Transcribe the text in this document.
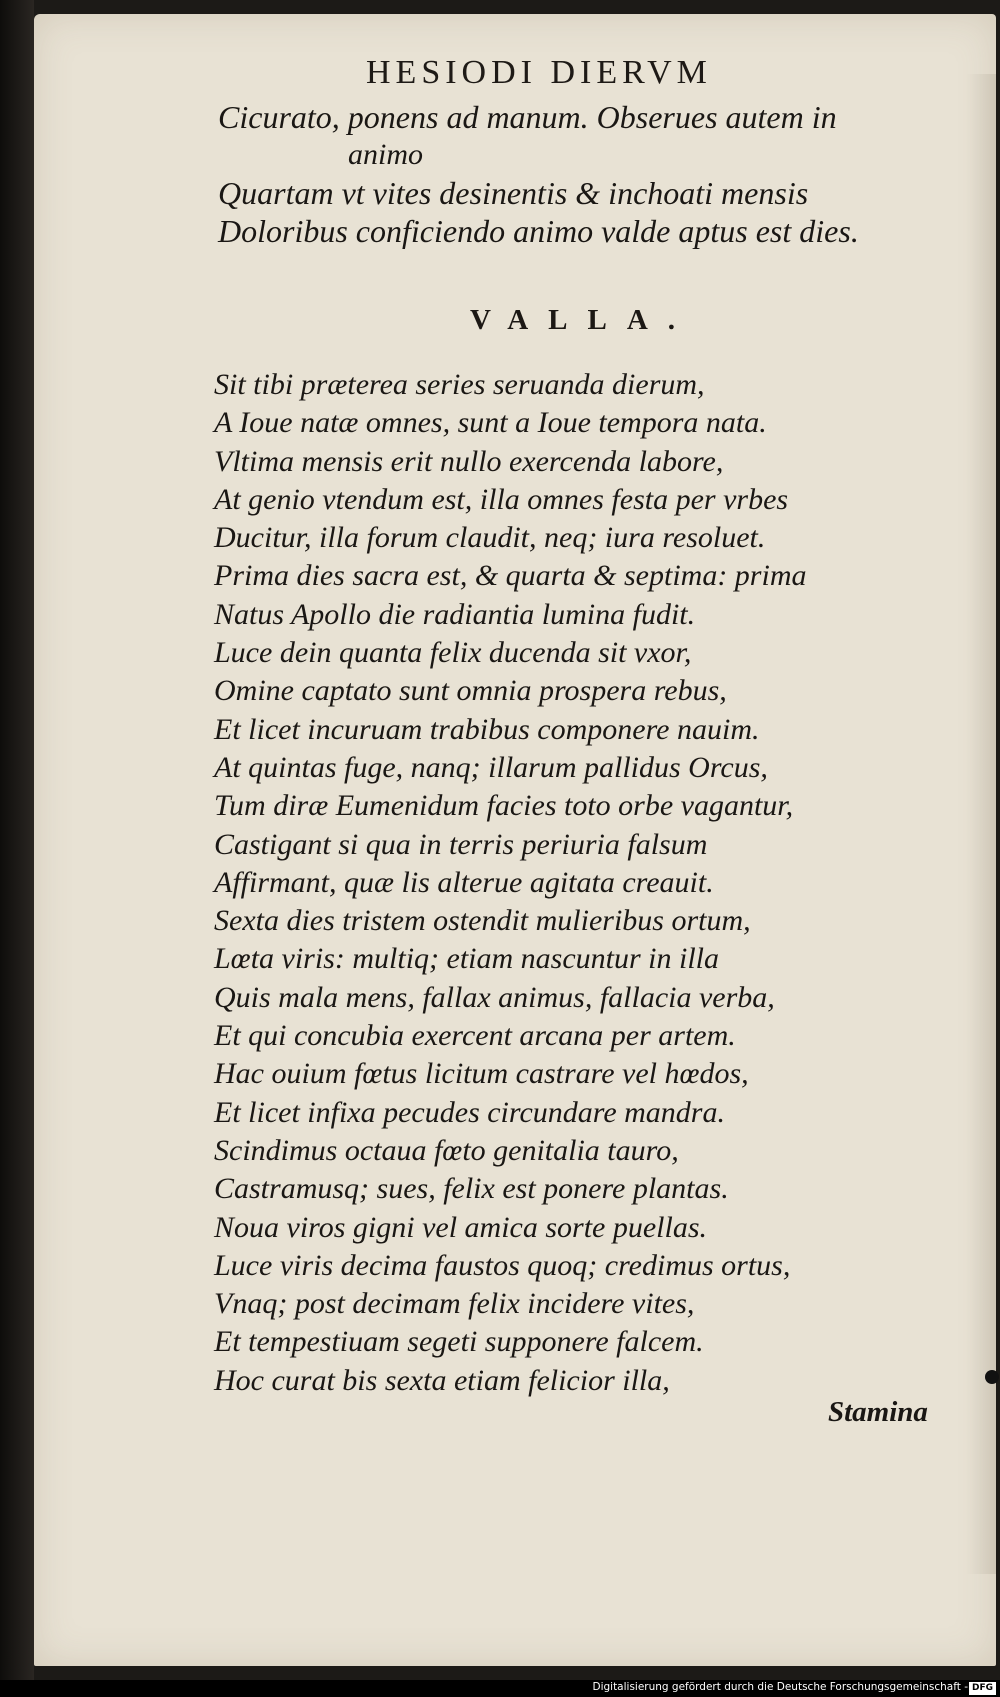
HESIODI DIERVM
Cicurato, ponens ad manum. Obserues autem in
animo
Quartam vt vites desinentis & inchoati mensis
Doloribus conficiendo animo valde aptus est dies.
VALLA.
Sit tibi præterea series seruanda dierum,
A Ioue natæ omnes, sunt a Ioue tempora nata.
Vltima mensis erit nullo exercenda labore,
At genio vtendum est, illa omnes festa per vrbes
Ducitur, illa forum claudit, neq; iura resoluet.
Prima dies sacra est, & quarta & septima: prima
Natus Apollo die radiantia lumina fudit.
Luce dein quanta felix ducenda sit vxor,
Omine captato sunt omnia prospera rebus,
Et licet incuruam trabibus componere nauim.
At quintas fuge, nanq; illarum pallidus Orcus,
Tum diræ Eumenidum facies toto orbe vagantur,
Castigant si qua in terris periuria falsum
Affirmant, quæ lis alterue agitata creauit.
Sexta dies tristem ostendit mulieribus ortum,
Lœta viris: multiq; etiam nascuntur in illa
Quis mala mens, fallax animus, fallacia verba,
Et qui concubia exercent arcana per artem.
Hac ouium fœtus licitum castrare vel hœdos,
Et licet infixa pecudes circundare mandra.
Scindimus octaua fœto genitalia tauro,
Castramusq; sues, felix est ponere plantas.
Noua viros gigni vel amica sorte puellas.
Luce viris decima faustos quoq; credimus ortus,
Vnaq; post decimam felix incidere vites,
Et tempestiuam segeti supponere falcem.
Hoc curat bis sexta etiam felicior illa,
Stamina
Digitalisierung gefördert durch die Deutsche Forschungsgemeinschaft - DFG
